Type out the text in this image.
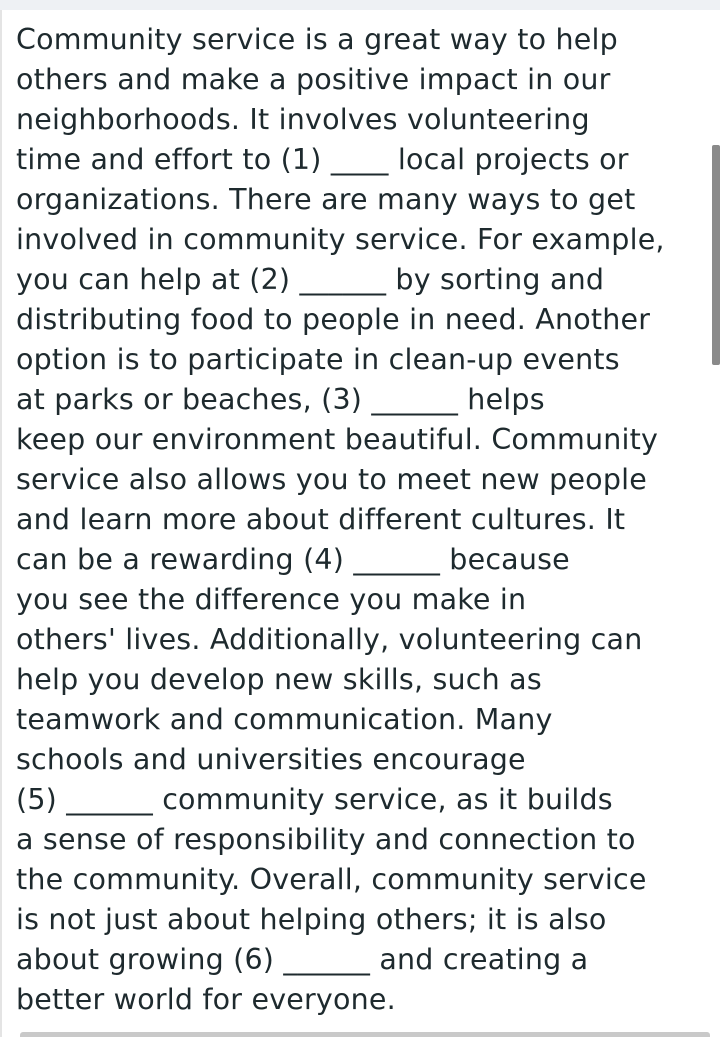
Community service is a great way to help
others and make a positive impact in our
neighborhoods. It involves volunteering
time and effort to (1) ____ local projects or
organizations. There are many ways to get
involved in community service. For example,
you can help at (2) ______ by sorting and
distributing food to people in need. Another
option is to participate in clean-up events
at parks or beaches, (3) ______ helps
keep our environment beautiful. Community
service also allows you to meet new people
and learn more about different cultures. It
can be a rewarding (4) ______ because
you see the difference you make in
others' lives. Additionally, volunteering can
help you develop new skills, such as
teamwork and communication. Many
schools and universities encourage
(5) ______ community service, as it builds
a sense of responsibility and connection to
the community. Overall, community service
is not just about helping others; it is also
about growing (6) ______ and creating a
better world for everyone.
